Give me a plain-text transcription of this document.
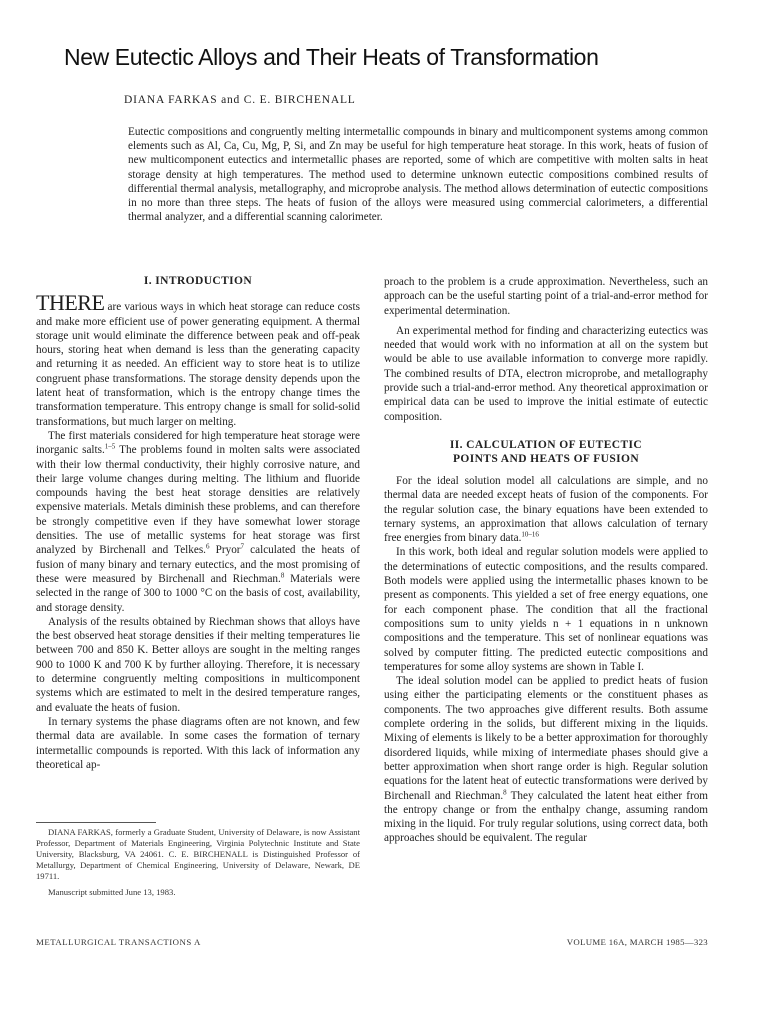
New Eutectic Alloys and Their Heats of Transformation
DIANA FARKAS and C. E. BIRCHENALL

Eutectic compositions and congruently melting intermetallic compounds in binary and multicomponent systems among common elements such as Al, Ca, Cu, Mg, P, Si, and Zn may be useful for high temperature heat storage. In this work, heats of fusion of new multicomponent eutectics and intermetallic phases are reported, some of which are competitive with molten salts in heat storage density at high temperatures. The method used to determine unknown eutectic compositions combined results of differential thermal analysis, metallography, and microprobe analysis. The method allows determination of eutectic compositions in no more than three steps. The heats of fusion of the alloys were measured using commercial calorimeters, a differential thermal analyzer, and a differential scanning calorimeter.

I. INTRODUCTION

THERE are various ways in which heat storage can reduce costs and make more efficient use of power generating equipment. A thermal storage unit would eliminate the difference between peak and off-peak hours, storing heat when demand is less than the generating capacity and returning it as needed. An efficient way to store heat is to utilize congruent phase transformations. The storage density depends upon the latent heat of transformation, which is the entropy change times the transformation temperature. This entropy change is small for solid-solid transformations, but much larger on melting.

The first materials considered for high temperature heat storage were inorganic salts.$^{1-5}$ The problems found in molten salts were associated with their low thermal conductivity, their highly corrosive nature, and their large volume changes during melting. The lithium and fluoride compounds having the best heat storage densities are relatively expensive materials. Metals diminish these problems, and can therefore be strongly competitive even if they have somewhat lower storage densities. The use of metallic systems for heat storage was first analyzed by Birchenall and Telkes.$^6$ Pryor$^7$ calculated the heats of fusion of many binary and ternary eutectics, and the most promising of these were measured by Birchenall and Riechman.$^8$ Materials were selected in the range of 300 to 1000 °C on the basis of cost, availability, and storage density.

Analysis of the results obtained by Riechman shows that alloys have the best observed heat storage densities if their melting temperatures lie between 700 and 850 K. Better alloys are sought in the melting ranges 900 to 1000 K and 700 K by further alloying. Therefore, it is necessary to determine congruently melting compositions in multicomponent systems which are estimated to melt in the desired temperature ranges, and evaluate the heats of fusion.

In ternary systems the phase diagrams often are not known, and few thermal data are available. In some cases the formation of ternary intermetallic compounds is reported. With this lack of information any theoretical ap-

proach to the problem is a crude approximation. Nevertheless, such an approach can be the useful starting point of a trial-and-error method for experimental determination.

An experimental method for finding and characterizing eutectics was needed that would work with no information at all on the system but would be able to use available information to converge more rapidly. The combined results of DTA, electron microprobe, and metallography provide such a trial-and-error method. Any theoretical approximation or empirical data can be used to improve the initial estimate of eutectic composition.

II. CALCULATION OF EUTECTIC
POINTS AND HEATS OF FUSION

For the ideal solution model all calculations are simple, and no thermal data are needed except heats of fusion of the components. For the regular solution case, the binary equations have been extended to ternary systems, an approximation that allows calculation of ternary free energies from binary data.$^{10-16}$

In this work, both ideal and regular solution models were applied to the determinations of eutectic compositions, and the results compared. Both models were applied using the intermetallic phases known to be present as components. This yielded a set of free energy equations, one for each component phase. The condition that all the fractional compositions sum to unity yields n + 1 equations in n unknown compositions and the temperature. This set of nonlinear equations was solved by computer fitting. The predicted eutectic compositions and temperatures for some alloy systems are shown in Table I.

The ideal solution model can be applied to predict heats of fusion using either the participating elements or the constituent phases as components. The two approaches give different results. Both assume complete ordering in the solids, but different mixing in the liquids. Mixing of elements is likely to be a better approximation for thoroughly disordered liquids, while mixing of intermediate phases should give a better approximation when short range order is high. Regular solution equations for the latent heat of eutectic transformations were derived by Birchenall and Riechman.$^8$ They calculated the latent heat either from the entropy change or from the enthalpy change, assuming random mixing in the liquid. For truly regular solutions, using correct data, both approaches should be equivalent. The regular

DIANA FARKAS, formerly a Graduate Student, University of Delaware, is now Assistant Professor, Department of Materials Engineering, Virginia Polytechnic Institute and State University, Blacksburg, VA 24061. C. E. BIRCHENALL is Distinguished Professor of Metallurgy, Department of Chemical Engineering, University of Delaware, Newark, DE 19711.

Manuscript submitted June 13, 1983.

METALLURGICAL TRANSACTIONS A	VOLUME 16A, MARCH 1985—323
